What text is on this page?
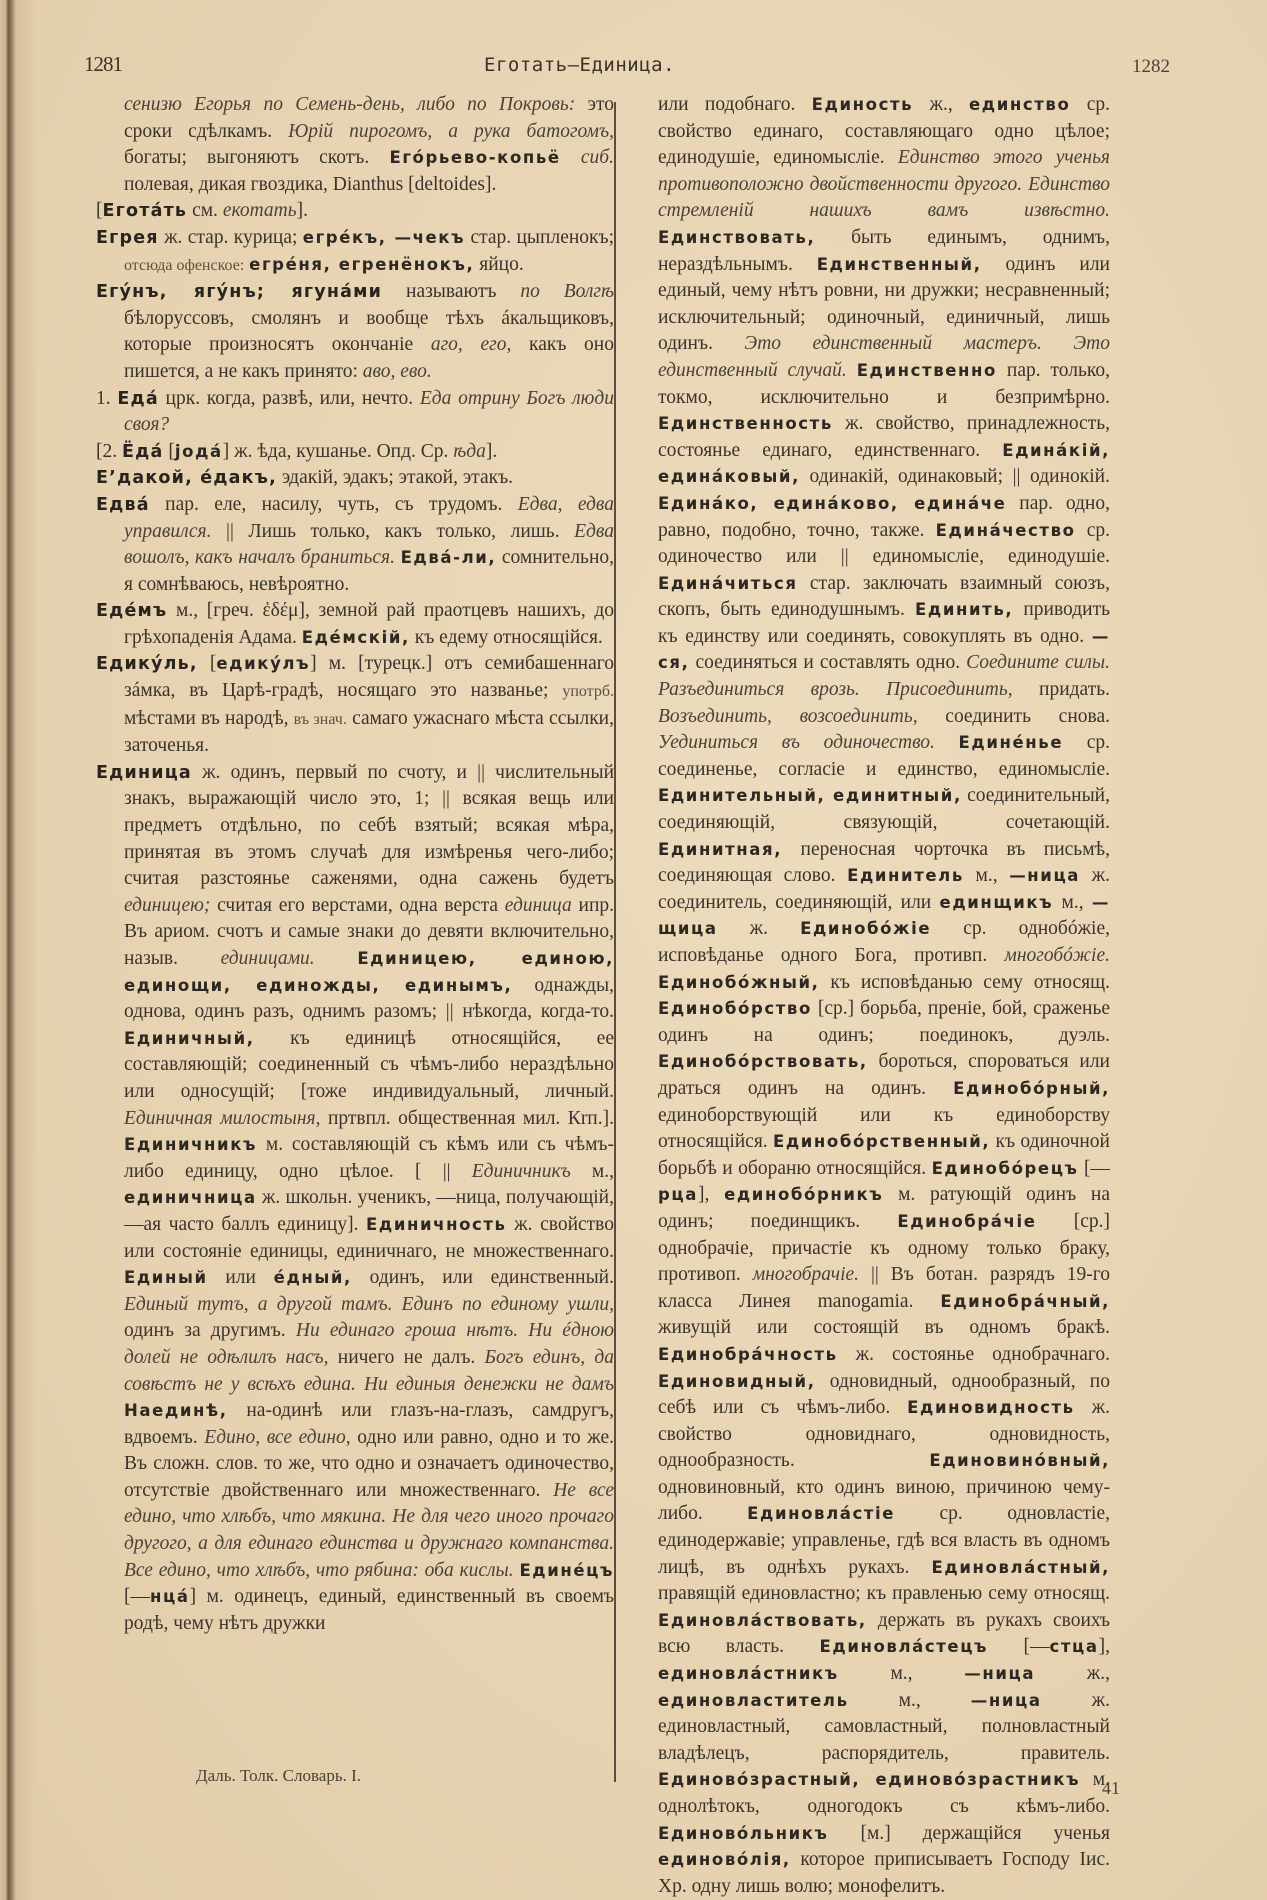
1281	Еготать—Единица.	1282

сенизю Егорья по Семень-день, либо по Покровь: это сроки сдѣлкамъ. Юрій пирогомъ, а рука батогомъ, богаты; выгоняютъ скотъ. Егóрьево-копьё сиб. полевая, дикая гвоздика, Dianthus [deltoides].

[Еготáть см. екотать].

Егрея ж. стар. курица; егрéкъ, —чекъ стар. цыпленокъ; отсюда офенское: егрéня, егренёнокъ, яйцо.

Егýнъ, ягýнъ; ягунáми называютъ по Волгѣ бѣлоруссовъ, смолянъ и вообще тѣхъ áкальщиковъ, которые произносятъ окончаніе аго, его, какъ оно пишется, а не какъ принято: аво, ево.

1. Едá црк. когда, развѣ, или, нечто. Еда отрину Богъ люди своя?

[2. Ёдá [јодá] ж. ѣда, кушанье. Опд. Ср. ѣда].

Е’дакой, éдакъ, эдакій, эдакъ; этакой, этакъ.

Едвá пар. еле, насилу, чуть, съ трудомъ. Едва, едва управился. || Лишь только, какъ только, лишь. Едва вошолъ, какъ началъ браниться. Едвá-ли, сомнительно, я сомнѣваюсь, невѣроятно.

Едéмъ м., [греч. ἐδέμ], земной рай праотцевъ нашихъ, до грѣхопаденія Адама. Едéмскій, къ едему относящійся.

Едикýль, [едикýлъ] м. [турецк.] отъ семибашеннаго зáмка, въ Царѣ-градѣ, носящаго это названье; употрб. мѣстами въ народѣ, въ знач. самаго ужаснаго мѣста ссылки, заточенья.

Единица ж. одинъ, первый по счоту, и || числительный знакъ, выражающій число это, 1; || всякая вещь или предметъ отдѣльно, по себѣ взятый; всякая мѣра, принятая въ этомъ случаѣ для измѣренья чего-либо; считая разстоянье саженями, одна сажень будетъ единицею; считая его верстами, одна верста единица ипр. Въ ариом. счотъ и самые знаки до девяти включительно, назыв. единицами.	Единицею, единою, единощи, единожды, единымъ, однажды, однова, одинъ разъ, однимъ разомъ; || нѣкогда, когда-то. Единичный, къ единицѣ относящійся, ее составляющій; соединенный съ чѣмъ-либо нераздѣльно или односущій; [тоже индивидуальный, личный. Единичная милостыня, пртвпл. общественная мил. Кrп.]. Единичникъ м. составляющій съ кѣмъ или съ чѣмъ-либо единицу, одно цѣлое. [ || Единичникъ м., единичница ж. школьн. ученикъ, —ница, получающій, —ая часто баллъ единицу]. Единичность ж. свойство или состояніе единицы, единичнаго, не множественнаго. Единый или éдный, одинъ, или единственный. Единый тутъ, а другой тамъ. Единъ по единому ушли, одинъ за другимъ. Ни единаго гроша нѣтъ. Ни éдною долей не одѣлилъ насъ, ничего не далъ. Богъ единъ, да совѣстъ не у всѣхъ едина. Ни единыя денежки не дамъ Наединѣ, на-одинѣ или глазъ-на-глазъ, самдругъ, вдвоемъ. Едино, все едино, одно или равно, одно и то же. Въ сложн. слов. то же, что одно и означаетъ одиночество, отсутствіе двойственнаго или множественнаго. Не все едино, что хлѣбъ, что мякина. Не для чего иного прочаго другого, а для единаго единства и дружнаго компанства. Все едино, что хлѣбъ, что рябина: оба кислы. Единéцъ [—нцá] м. одинецъ, единый, единственный въ своемъ родѣ, чему нѣтъ дружки

или подобнаго. Единость ж., единство ср. свойство единаго, составляющаго одно цѣлое; единодушіе, единомысліе. Единство этого ученья противоположно двойственности другого. Единство стремленій нашихъ вамъ извѣстно. Единствовать, быть единымъ, однимъ, нераздѣльнымъ. Единственный, одинъ или единый, чему нѣтъ ровни, ни дружки; несравненный; исключительный; одиночный, единичный, лишь одинъ. Это единственный мастеръ. Это единственный случай. Единственно пар. только, токмо, исключительно и безпримѣрно. Единственность ж. свойство, принадлежность, состоянье единаго, единственнаго. Единáкій, единáковый, одинакій, одинаковый; || одинокій. Единáко, единáково, единáче пар. одно, равно, подобно, точно, также. Единáчество ср. одиночество или || единомысліе, единодушіе. Единáчиться стар. заключать взаимный союзъ, скопъ, быть единодушнымъ. Единить, приводить къ единству или соединять, совокуплять въ одно. —ся, соединяться и составлять одно. Соедините силы. Разъединиться врозь. Присоединить, придать. Возъединить, возсоединить, соединить снова. Уединиться въ одиночество. Единéнье ср. соединенье, согласіе и единство, единомысліе. Единительный, единитный, соединительный, соединяющій, связующій, сочетающій. Единитная, переносная чорточка въ письмѣ, соединяющая слово. Единитель м., —ница ж. соединитель, соединяющій, или единщикъ м., —щица ж. Единобóжіе ср. однобóжіе, исповѣданье одного Бога, противп. многобóжіе. Единобóжный, къ исповѣданью сему относящ. Единобóрство [ср.] борьба, преніе, бой, сраженье одинъ на одинъ; поединокъ, дуэль. Единобóрствовать, бороться, спороваться или драться одинъ на одинъ. Единобóрный, единоборствующій или къ единоборству относящійся. Единобóрственный, къ одиночной борьбѣ и обораню относящійся. Единобóрецъ [—рца], единобóрникъ м. ратующій одинъ на одинъ; поединщикъ. Единобрáчіе [ср.] однобрачіе, причастіе къ одному только браку, противоп. многобрачіе. || Въ ботан. разрядъ 19-го класса Линея manogamia. Единобрáчный, живущій или состоящій въ одномъ бракѣ. Единобрáчность ж. состоянье однобрачнаго. Единовидный, одновидный, однообразный, по себѣ или съ чѣмъ-либо. Единовидность ж. свойство одновиднаго, одновидность, однообразность. Единовинóвный, одновиновный, кто одинъ виною, причиною чему-либо. Единовлáстіе ср. одновластіе, единодержавіе; управленье, гдѣ вся власть въ одномъ лицѣ, въ однѣхъ рукахъ. Единовлáстный, правящій единовластно; къ правленью сему относящ. Единовлáствовать, держать въ рукахъ своихъ всю власть. Единовлáстецъ [—стца], единовлáстникъ м., —ница ж., единовластитель м., —ница ж. единовластный, самовластный, полновластный владѣлецъ, распорядитель, правитель. Единовóзрастный, единовóзрастникъ м. однолѣтокъ, одногодокъ съ кѣмъ-либо. Единовóльникъ [м.] держащійся ученья единовóлія, которое приписываетъ Господу Іис. Хр. одну лишь волю; монофелитъ.

Даль. Толк. Словарь. I.
41
